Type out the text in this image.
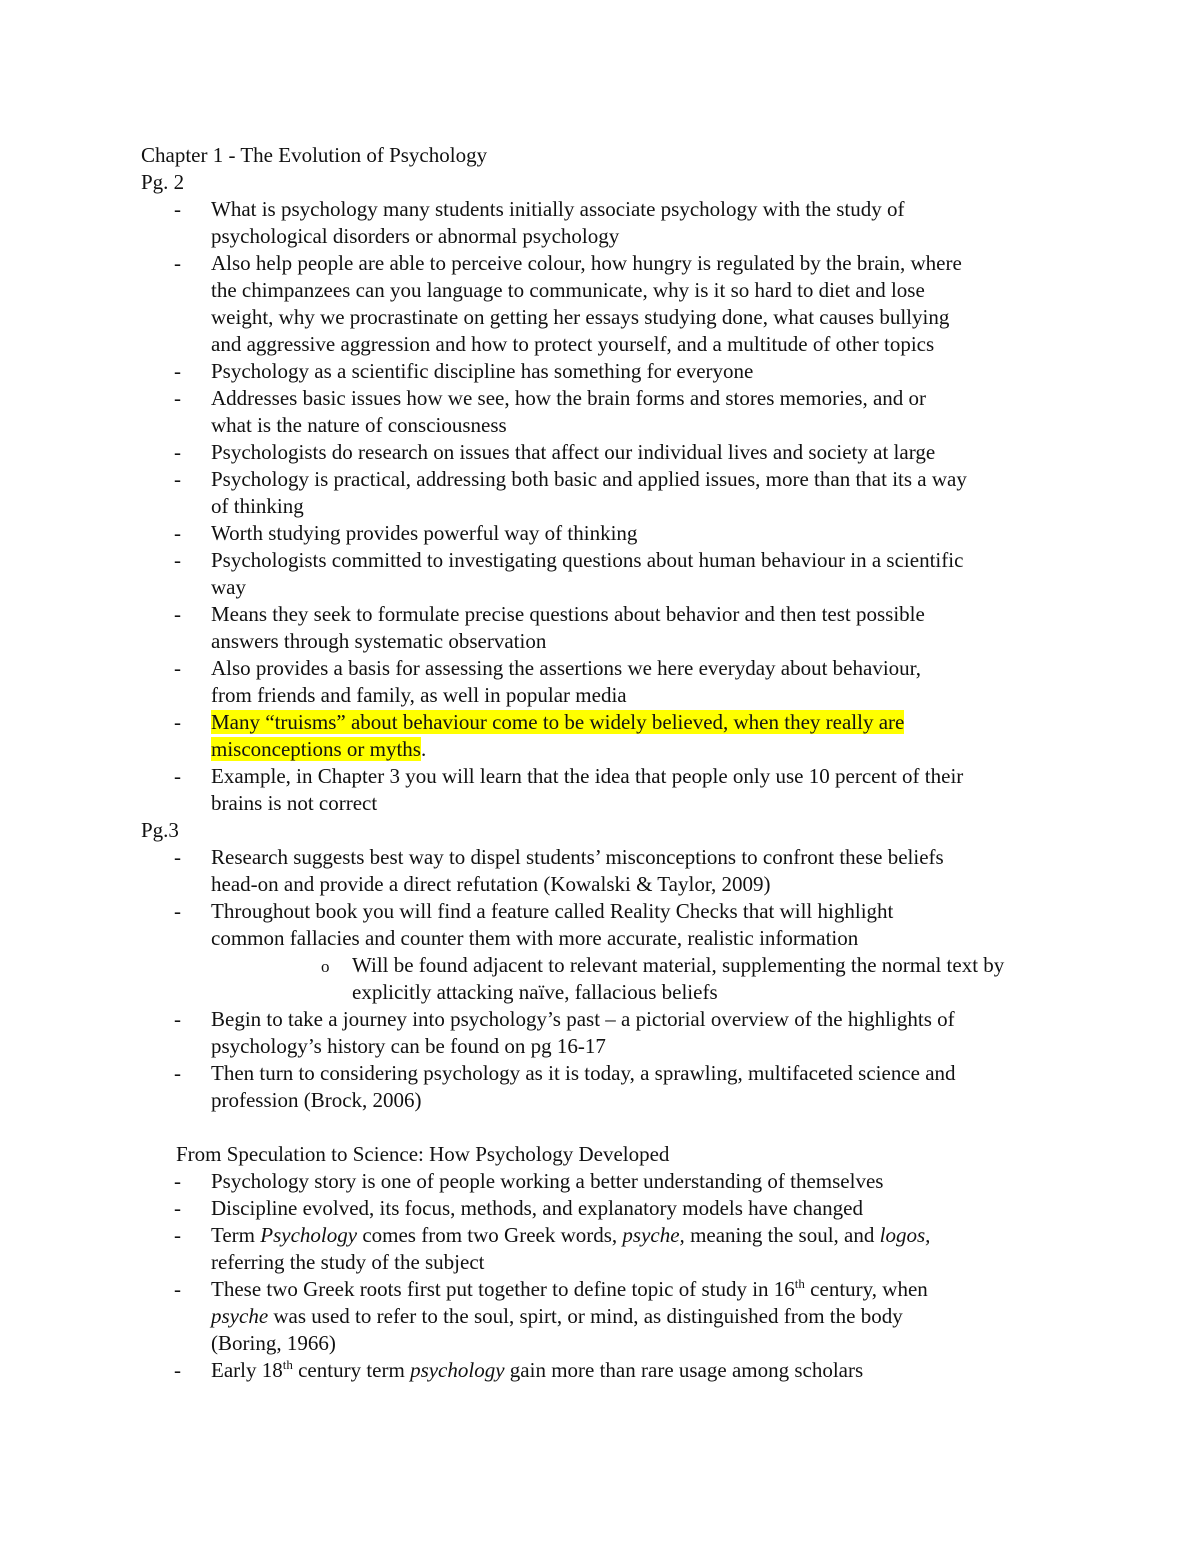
Chapter 1 - The Evolution of Psychology
Pg. 2
- What is psychology many students initially associate psychology with the study of
psychological disorders or abnormal psychology
- Also help people are able to perceive colour, how hungry is regulated by the brain, where
the chimpanzees can you language to communicate, why is it so hard to diet and lose
weight, why we procrastinate on getting her essays studying done, what causes bullying
and aggressive aggression and how to protect yourself, and a multitude of other topics
- Psychology as a scientific discipline has something for everyone
- Addresses basic issues how we see, how the brain forms and stores memories, and or
what is the nature of consciousness
- Psychologists do research on issues that affect our individual lives and society at large
- Psychology is practical, addressing both basic and applied issues, more than that its a way
of thinking
- Worth studying provides powerful way of thinking
- Psychologists committed to investigating questions about human behaviour in a scientific
way
- Means they seek to formulate precise questions about behavior and then test possible
answers through systematic observation
- Also provides a basis for assessing the assertions we here everyday about behaviour,
from friends and family, as well in popular media
- Many “truisms” about behaviour come to be widely believed, when they really are
misconceptions or myths.
- Example, in Chapter 3 you will learn that the idea that people only use 10 percent of their
brains is not correct
Pg.3
- Research suggests best way to dispel students’ misconceptions to confront these beliefs
head-on and provide a direct refutation (Kowalski & Taylor, 2009)
- Throughout book you will find a feature called Reality Checks that will highlight
common fallacies and counter them with more accurate, realistic information
o Will be found adjacent to relevant material, supplementing the normal text by
explicitly attacking naïve, fallacious beliefs
- Begin to take a journey into psychology’s past – a pictorial overview of the highlights of
psychology’s history can be found on pg 16-17
- Then turn to considering psychology as it is today, a sprawling, multifaceted science and
profession (Brock, 2006)
From Speculation to Science: How Psychology Developed
- Psychology story is one of people working a better understanding of themselves
- Discipline evolved, its focus, methods, and explanatory models have changed
- Term Psychology comes from two Greek words, psyche, meaning the soul, and logos,
referring the study of the subject
- These two Greek roots first put together to define topic of study in 16th century, when
psyche was used to refer to the soul, spirt, or mind, as distinguished from the body
(Boring, 1966)
- Early 18th century term psychology gain more than rare usage among scholars
